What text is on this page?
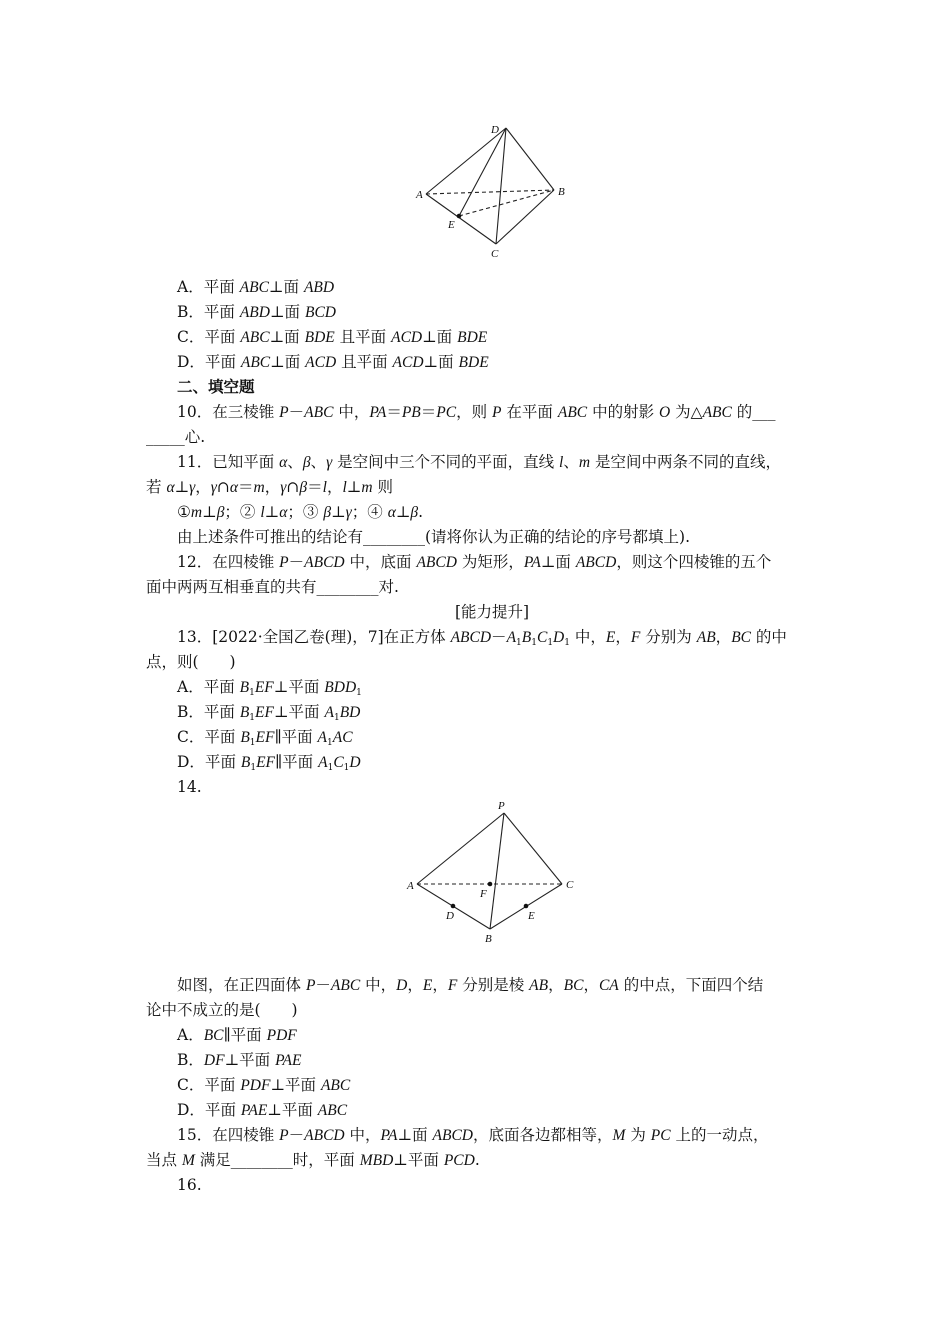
D
A	B
E
C
A．平面 ABC⊥面 ABD
B．平面 ABD⊥面 BCD
C．平面 ABC⊥面 BDE 且平面 ACD⊥面 BDE
D．平面 ABC⊥面 ACD 且平面 ACD⊥面 BDE
二、填空题
10．在三棱锥 P－ABC 中，PA＝PB＝PC，则 P 在平面 ABC 中的射影 O 为△ABC 的___
_____心.
11．已知平面 α、β、γ 是空间中三个不同的平面，直线 l、m 是空间中两条不同的直线，
若 α⊥γ，γ∩α＝m，γ∩β＝l，l⊥m 则
①m⊥β；② l⊥α；③ β⊥γ；④ α⊥β.
由上述条件可推出的结论有________(请将你认为正确的结论的序号都填上).
12．在四棱锥 P－ABCD 中，底面 ABCD 为矩形，PA⊥面 ABCD，则这个四棱锥的五个
面中两两互相垂直的共有________对.
[能力提升]
13．[2022·全国乙卷(理)，7]在正方体 $ABCD-A_1B_1C_1D_1$ 中，E，F 分别为 AB，BC 的中
点，则(　　)
A．平面 $B_1EF\perp$平面 $BDD_1$
B．平面 $B_1EF\perp$平面 $A_1BD$
C．平面 $B_1EF\parallel$平面 $A_1AC$
D．平面 $B_1EF\parallel$平面 $A_1C_1D$
14.
P
A	C
F
D	E
B
如图，在正四面体 P－ABC 中，D，E，F 分别是棱 AB，BC，CA 的中点，下面四个结
论中不成立的是(　　)
A．BC∥平面 PDF
B．DF⊥平面 PAE
C．平面 PDF⊥平面 ABC
D．平面 PAE⊥平面 ABC
15．在四棱锥 P－ABCD 中，PA⊥面 ABCD，底面各边都相等，M 为 PC 上的一动点，
当点 M 满足________时，平面 MBD⊥平面 PCD.
16.
